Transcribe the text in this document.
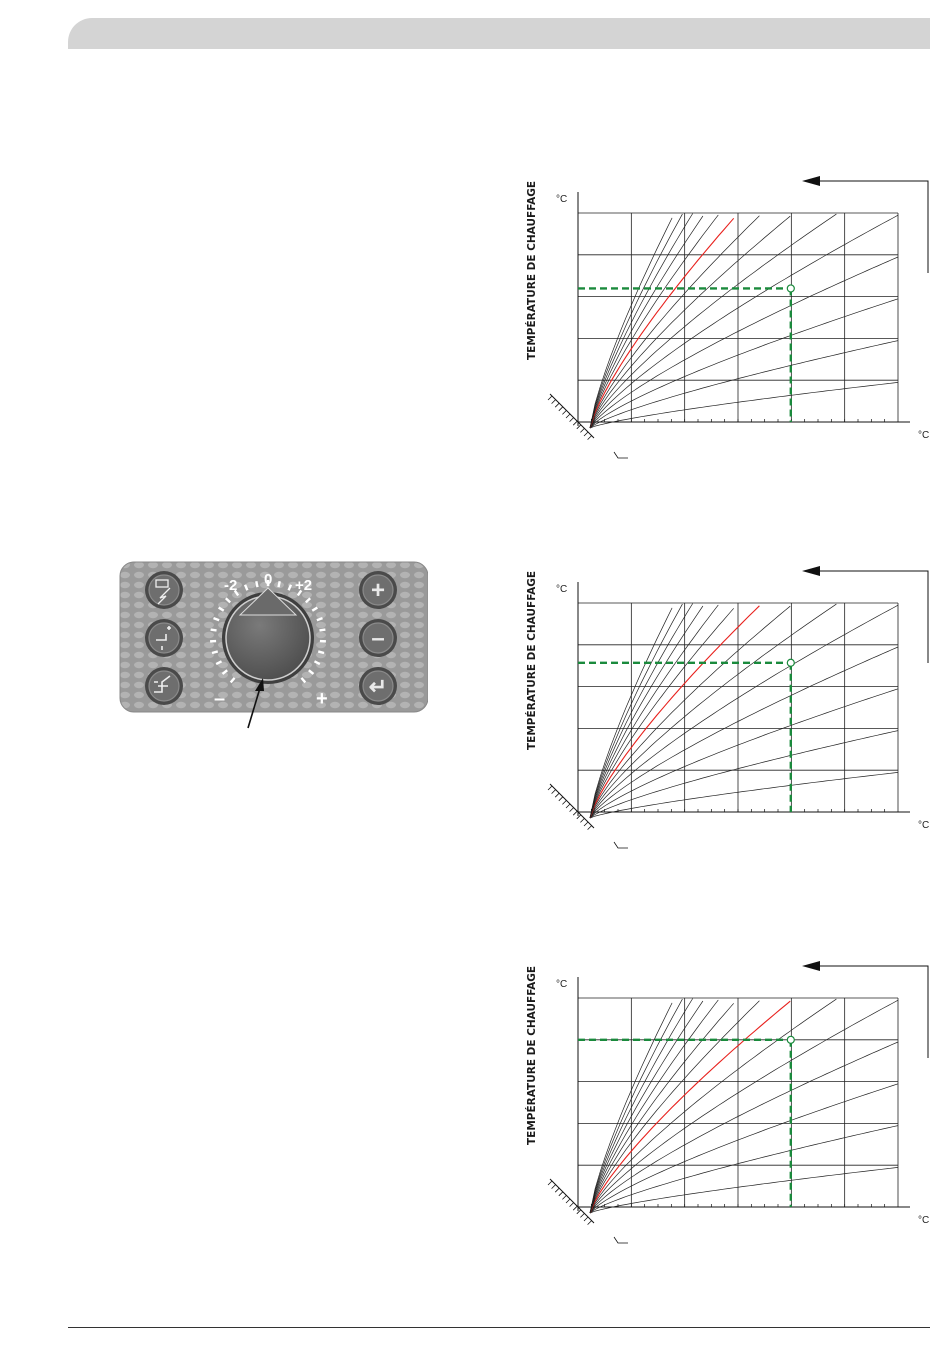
-2 0 +2
–	+
+
–
↵
TEMPÉRATURE DE CHAUFFAGE °C
°C
TEMPÉRATURE DE CHAUFFAGE °C
°C
TEMPÉRATURE DE CHAUFFAGE °C
°C
